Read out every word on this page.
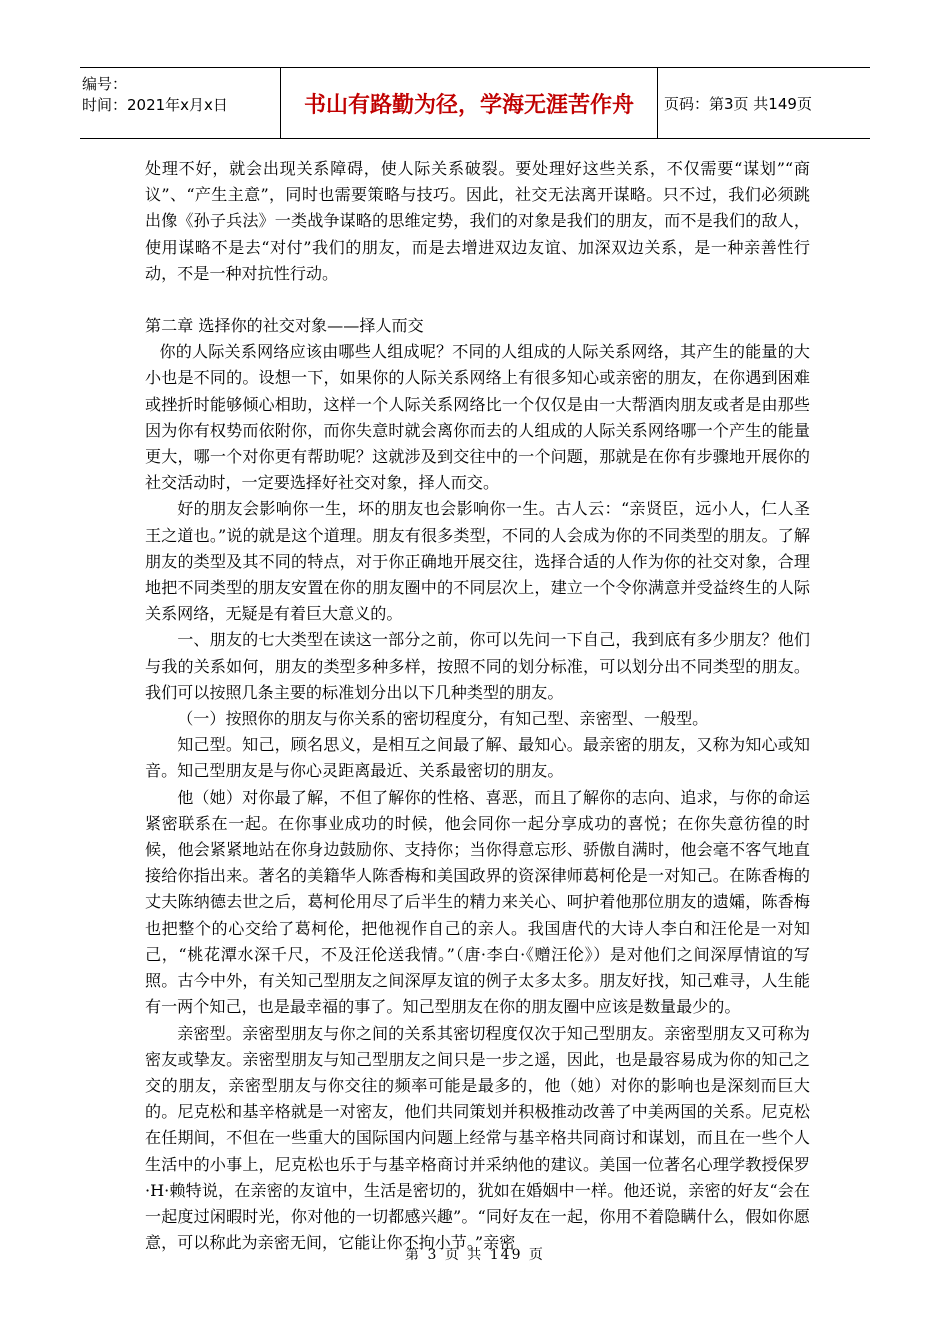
编号：
时间：2021年x月x日	书山有路勤为径，学海无涯苦作舟	页码：第3页 共149页

处理不好，就会出现关系障碍，使人际关系破裂。要处理好这些关系，不仅需要“谋划”“商议”、“产生主意”，同时也需要策略与技巧。因此，社交无法离开谋略。只不过，我们必须跳出像《孙子兵法》一类战争谋略的思维定势，我们的对象是我们的朋友，而不是我们的敌人，使用谋略不是去“对付”我们的朋友，而是去增进双边友谊、加深双边关系，是一种亲善性行动，不是一种对抗性行动。

第二章 选择你的社交对象——择人而交

你的人际关系网络应该由哪些人组成呢？不同的人组成的人际关系网络，其产生的能量的大小也是不同的。设想一下，如果你的人际关系网络上有很多知心或亲密的朋友，在你遇到困难或挫折时能够倾心相助，这样一个人际关系网络比一个仅仅是由一大帮酒肉朋友或者是由那些因为你有权势而依附你，而你失意时就会离你而去的人组成的人际关系网络哪一个产生的能量更大，哪一个对你更有帮助呢？这就涉及到交往中的一个问题，那就是在你有步骤地开展你的社交活动时，一定要选择好社交对象，择人而交。

好的朋友会影响你一生，坏的朋友也会影响你一生。古人云：“亲贤臣，远小人，仁人圣王之道也。”说的就是这个道理。朋友有很多类型，不同的人会成为你的不同类型的朋友。了解朋友的类型及其不同的特点，对于你正确地开展交往，选择合适的人作为你的社交对象，合理地把不同类型的朋友安置在你的朋友圈中的不同层次上，建立一个令你满意并受益终生的人际关系网络，无疑是有着巨大意义的。

一、朋友的七大类型在读这一部分之前，你可以先问一下自己，我到底有多少朋友？他们与我的关系如何，朋友的类型多种多样，按照不同的划分标准，可以划分出不同类型的朋友。我们可以按照几条主要的标准划分出以下几种类型的朋友。

（一）按照你的朋友与你关系的密切程度分，有知己型、亲密型、一般型。

知己型。知己，顾名思义，是相互之间最了解、最知心。最亲密的朋友，又称为知心或知音。知己型朋友是与你心灵距离最近、关系最密切的朋友。

他（她）对你最了解，不但了解你的性格、喜恶，而且了解你的志向、追求，与你的命运紧密联系在一起。在你事业成功的时候，他会同你一起分享成功的喜悦；在你失意彷徨的时候，他会紧紧地站在你身边鼓励你、支持你；当你得意忘形、骄傲自满时，他会毫不客气地直接给你指出来。著名的美籍华人陈香梅和美国政界的资深律师葛柯伦是一对知己。在陈香梅的丈夫陈纳德去世之后，葛柯伦用尽了后半生的精力来关心、呵护着他那位朋友的遗孀，陈香梅也把整个的心交给了葛柯伦，把他视作自己的亲人。我国唐代的大诗人李白和汪伦是一对知己，“桃花潭水深千尺，不及汪伦送我情。”（唐·李白·《赠汪伦》）是对他们之间深厚情谊的写照。古今中外，有关知己型朋友之间深厚友谊的例子太多太多。朋友好找，知己难寻，人生能有一两个知己，也是最幸福的事了。知己型朋友在你的朋友圈中应该是数量最少的。

亲密型。亲密型朋友与你之间的关系其密切程度仅次于知己型朋友。亲密型朋友又可称为密友或挚友。亲密型朋友与知己型朋友之间只是一步之遥，因此，也是最容易成为你的知己之交的朋友，亲密型朋友与你交往的频率可能是最多的，他（她）对你的影响也是深刻而巨大的。尼克松和基辛格就是一对密友，他们共同策划并积极推动改善了中美两国的关系。尼克松在任期间，不但在一些重大的国际国内问题上经常与基辛格共同商讨和谋划，而且在一些个人生活中的小事上，尼克松也乐于与基辛格商讨并采纳他的建议。美国一位著名心理学教授保罗·H·赖特说，在亲密的友谊中，生活是密切的，犹如在婚姻中一样。他还说，亲密的好友“会在一起度过闲暇时光，你对他的一切都感兴趣”。“同好友在一起，你用不着隐瞒什么，假如你愿意，可以称此为亲密无间，它能让你不拘小节。”亲密

第 3 页 共 149 页
